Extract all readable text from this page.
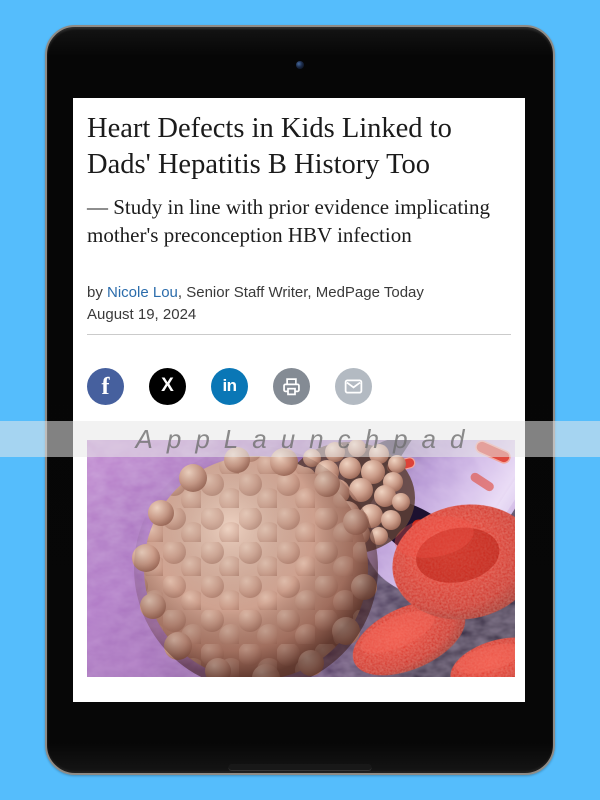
Heart Defects in Kids Linked to Dads' Hepatitis B History Too

— Study in line with prior evidence implicating mother's preconception HBV infection

by Nicole Lou, Senior Staff Writer, MedPage Today
August 19, 2024
f	X	in
AppLaunchpad
